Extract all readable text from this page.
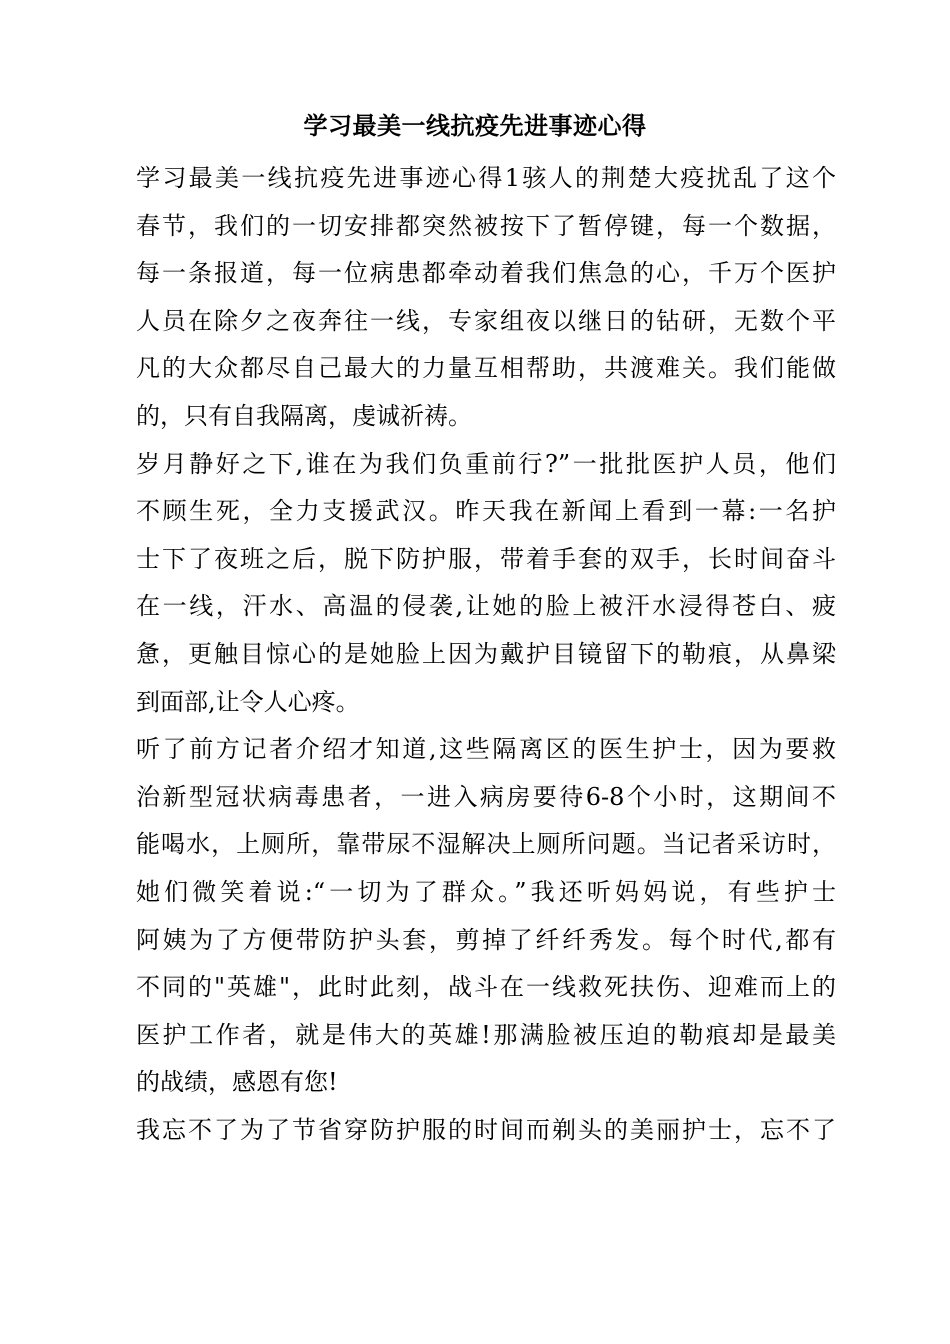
学习最美一线抗疫先进事迹心得
学习最美一线抗疫先进事迹心得1骇人的荆楚大疫扰乱了这个
春节，我们的一切安排都突然被按下了暂停键，每一个数据，
每一条报道，每一位病患都牵动着我们焦急的心，千万个医护
人员在除夕之夜奔往一线，专家组夜以继日的钻研，无数个平
凡的大众都尽自己最大的力量互相帮助，共渡难关。我们能做
的，只有自我隔离，虔诚祈祷。
岁月静好之下,谁在为我们负重前行?”一批批医护人员，他们
不顾生死，全力支援武汉。昨天我在新闻上看到一幕:一名护
士下了夜班之后，脱下防护服，带着手套的双手，长时间奋斗
在一线，汗水、高温的侵袭,让她的脸上被汗水浸得苍白、疲
惫，更触目惊心的是她脸上因为戴护目镜留下的勒痕，从鼻梁
到面部,让令人心疼。
听了前方记者介绍才知道,这些隔离区的医生护士，因为要救
治新型冠状病毒患者，一进入病房要待6-8个小时，这期间不
能喝水，上厕所，靠带尿不湿解决上厕所问题。当记者采访时，
她们微笑着说:“一切为了群众。”我还听妈妈说，有些护士
阿姨为了方便带防护头套，剪掉了纤纤秀发。每个时代,都有
不同的"英雄"，此时此刻，战斗在一线救死扶伤、迎难而上的
医护工作者，就是伟大的英雄!那满脸被压迫的勒痕却是最美
的战绩，感恩有您!
我忘不了为了节省穿防护服的时间而剃头的美丽护士，忘不了
